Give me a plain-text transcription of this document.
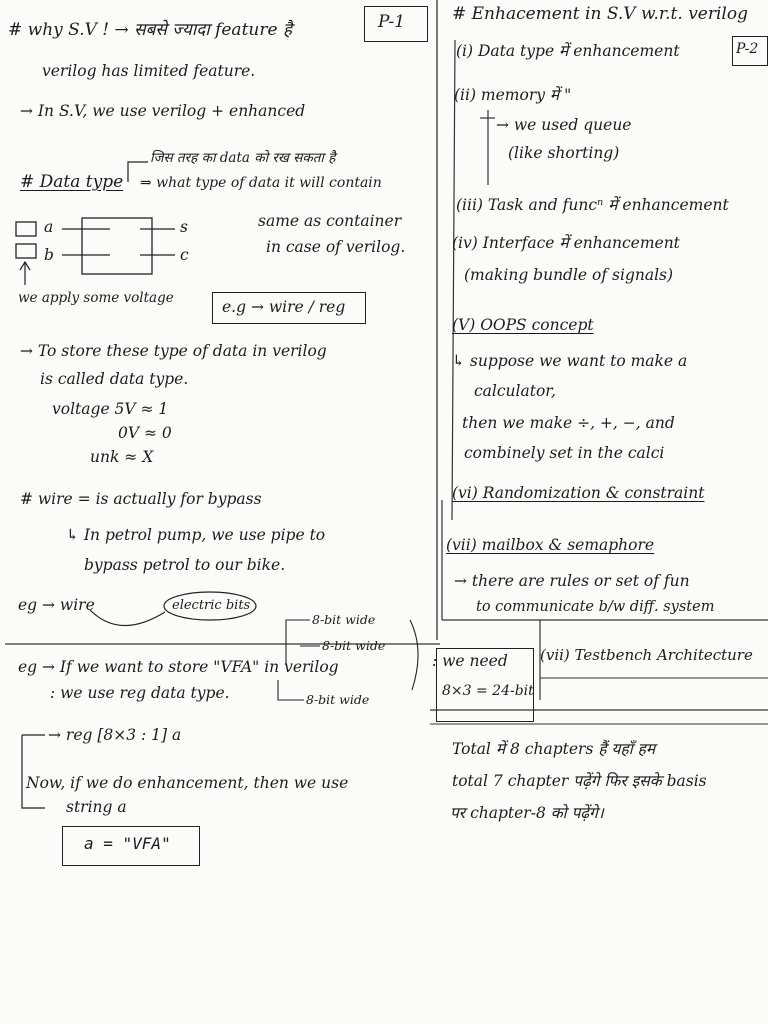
# why S.V ! → सबसे ज्यादा feature है	P-1
verilog has limited feature.
→ In S.V, we use verilog + enhanced
जिस तरह का data को रख सकता है
# Data type ⇒ what type of data it will contain
a
b
s
c
same as container
in case of verilog.
we apply some voltage	e.g → wire / reg
→ To store these type of data in verilog
is called data type.
voltage 5V ≈ 1
0V ≈ 0
unk ≈ X
# wire = is actually for bypass
↳ In petrol pump, we use pipe to
bypass petrol to our bike.
eg → wire	electric bits
8-bit wide
8-bit wide
8-bit wide
eg → If we want to store "VFA" in verilog
: we use reg data type.
: we need
8×3 = 24-bit
→ reg [8×3 : 1] a
Now, if we do enhancement, then we use
string a
a = "VFA"
# Enhacement in S.V w.r.t. verilog
P-2
(i) Data type में enhancement
(ii) memory में "
→ we used queue
(like shorting)
(iii) Task and funcⁿ में enhancement
(iv) Interface में enhancement
(making bundle of signals)
(V) OOPS concept
↳ suppose we want to make a
calculator,
then we make ÷, +, −, and
combinely set in the calci
(vi) Randomization & constraint
(vii) mailbox & semaphore
→ there are rules or set of fun
to communicate b/w diff. system
(vii) Testbench Architecture
Total में 8 chapters हैं यहाँ हम
total 7 chapter पढ़ेंगे फिर इसके basis
पर chapter-8 को पढ़ेंगे।
